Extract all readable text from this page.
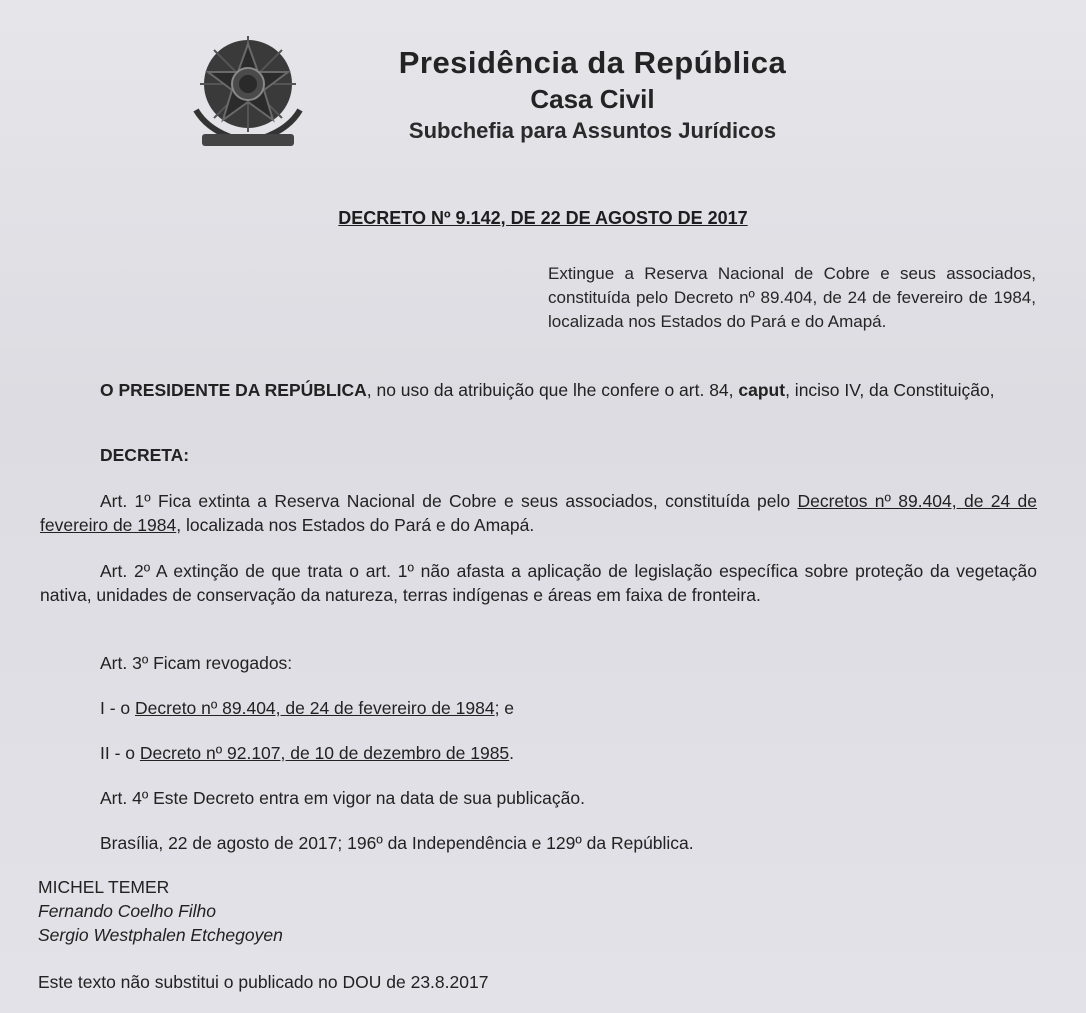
Presidência da República
Casa Civil
Subchefia para Assuntos Jurídicos
DECRETO Nº 9.142, DE 22 DE AGOSTO DE 2017
Extingue a Reserva Nacional de Cobre e seus associados, constituída pelo Decreto nº 89.404, de 24 de fevereiro de 1984, localizada nos Estados do Pará e do Amapá.
O PRESIDENTE DA REPÚBLICA, no uso da atribuição que lhe confere o art. 84, caput, inciso IV, da Constituição,
DECRETA:
Art. 1º Fica extinta a Reserva Nacional de Cobre e seus associados, constituída pelo Decretos nº 89.404, de 24 de fevereiro de 1984, localizada nos Estados do Pará e do Amapá.
Art. 2º A extinção de que trata o art. 1º não afasta a aplicação de legislação específica sobre proteção da vegetação nativa, unidades de conservação da natureza, terras indígenas e áreas em faixa de fronteira.
Art. 3º Ficam revogados:
I - o Decreto nº 89.404, de 24 de fevereiro de 1984; e
II - o Decreto nº 92.107, de 10 de dezembro de 1985.
Art. 4º Este Decreto entra em vigor na data de sua publicação.
Brasília, 22 de agosto de 2017; 196º da Independência e 129º da República.
MICHEL TEMER
Fernando Coelho Filho
Sergio Westphalen Etchegoyen
Este texto não substitui o publicado no DOU de 23.8.2017
